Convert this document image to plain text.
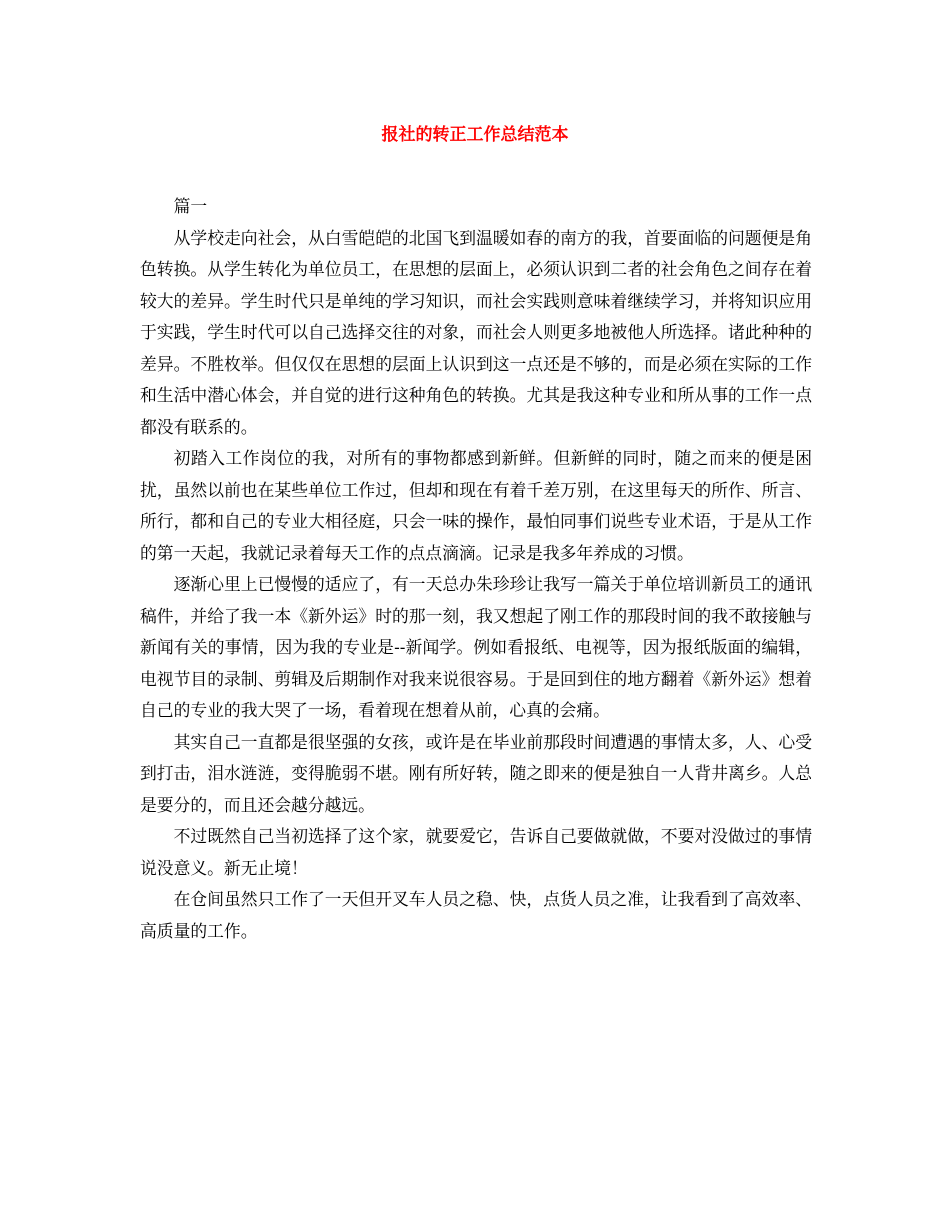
报社的转正工作总结范本

篇一

从学校走向社会，从白雪皑皑的北国飞到温暖如春的南方的我，首要面临的问题便是角色转换。从学生转化为单位员工，在思想的层面上，必须认识到二者的社会角色之间存在着较大的差异。学生时代只是单纯的学习知识，而社会实践则意味着继续学习，并将知识应用于实践，学生时代可以自己选择交往的对象，而社会人则更多地被他人所选择。诸此种种的差异。不胜枚举。但仅仅在思想的层面上认识到这一点还是不够的，而是必须在实际的工作和生活中潜心体会，并自觉的进行这种角色的转换。尤其是我这种专业和所从事的工作一点都没有联系的。

初踏入工作岗位的我，对所有的事物都感到新鲜。但新鲜的同时，随之而来的便是困扰，虽然以前也在某些单位工作过，但却和现在有着千差万别，在这里每天的所作、所言、所行，都和自己的专业大相径庭，只会一味的操作，最怕同事们说些专业术语，于是从工作的第一天起，我就记录着每天工作的点点滴滴。记录是我多年养成的习惯。

逐渐心里上已慢慢的适应了，有一天总办朱珍珍让我写一篇关于单位培训新员工的通讯稿件，并给了我一本《新外运》时的那一刻，我又想起了刚工作的那段时间的我不敢接触与新闻有关的事情，因为我的专业是--新闻学。例如看报纸、电视等，因为报纸版面的编辑，电视节目的录制、剪辑及后期制作对我来说很容易。于是回到住的地方翻着《新外运》想着自己的专业的我大哭了一场，看着现在想着从前，心真的会痛。

其实自己一直都是很坚强的女孩，或许是在毕业前那段时间遭遇的事情太多，人、心受到打击，泪水涟涟，变得脆弱不堪。刚有所好转，随之即来的便是独自一人背井离乡。人总是要分的，而且还会越分越远。

不过既然自己当初选择了这个家，就要爱它，告诉自己要做就做，不要对没做过的事情说没意义。新无止境！

在仓间虽然只工作了一天但开叉车人员之稳、快，点货人员之准，让我看到了高效率、高质量的工作。
